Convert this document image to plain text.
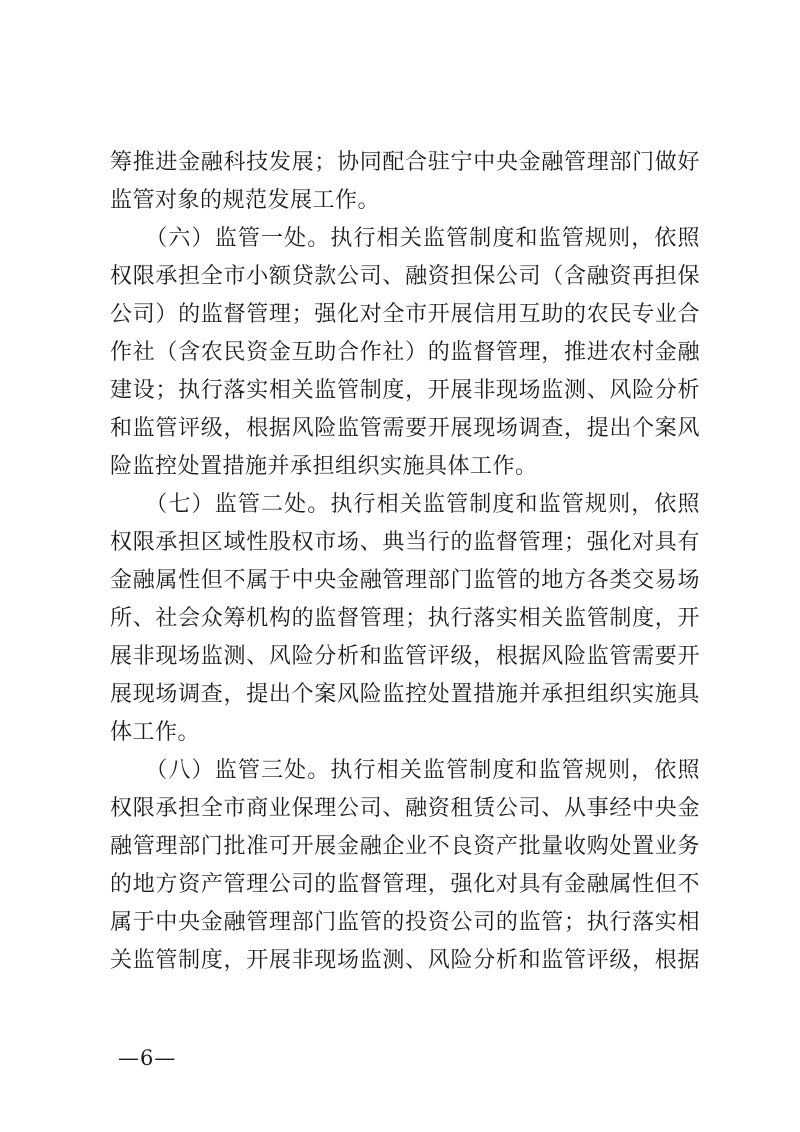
筹推进金融科技发展；协同配合驻宁中央金融管理部门做好
监管对象的规范发展工作。
　　（六）监管一处。执行相关监管制度和监管规则，依照
权限承担全市小额贷款公司、融资担保公司（含融资再担保
公司）的监督管理；强化对全市开展信用互助的农民专业合
作社（含农民资金互助合作社）的监督管理，推进农村金融
建设；执行落实相关监管制度，开展非现场监测、风险分析
和监管评级，根据风险监管需要开展现场调查，提出个案风
险监控处置措施并承担组织实施具体工作。
　　（七）监管二处。执行相关监管制度和监管规则，依照
权限承担区域性股权市场、典当行的监督管理；强化对具有
金融属性但不属于中央金融管理部门监管的地方各类交易场
所、社会众筹机构的监督管理；执行落实相关监管制度，开
展非现场监测、风险分析和监管评级，根据风险监管需要开
展现场调查，提出个案风险监控处置措施并承担组织实施具
体工作。
　　（八）监管三处。执行相关监管制度和监管规则，依照
权限承担全市商业保理公司、融资租赁公司、从事经中央金
融管理部门批准可开展金融企业不良资产批量收购处置业务
的地方资产管理公司的监督管理，强化对具有金融属性但不
属于中央金融管理部门监管的投资公司的监管；执行落实相
关监管制度，开展非现场监测、风险分析和监管评级，根据
—6—
